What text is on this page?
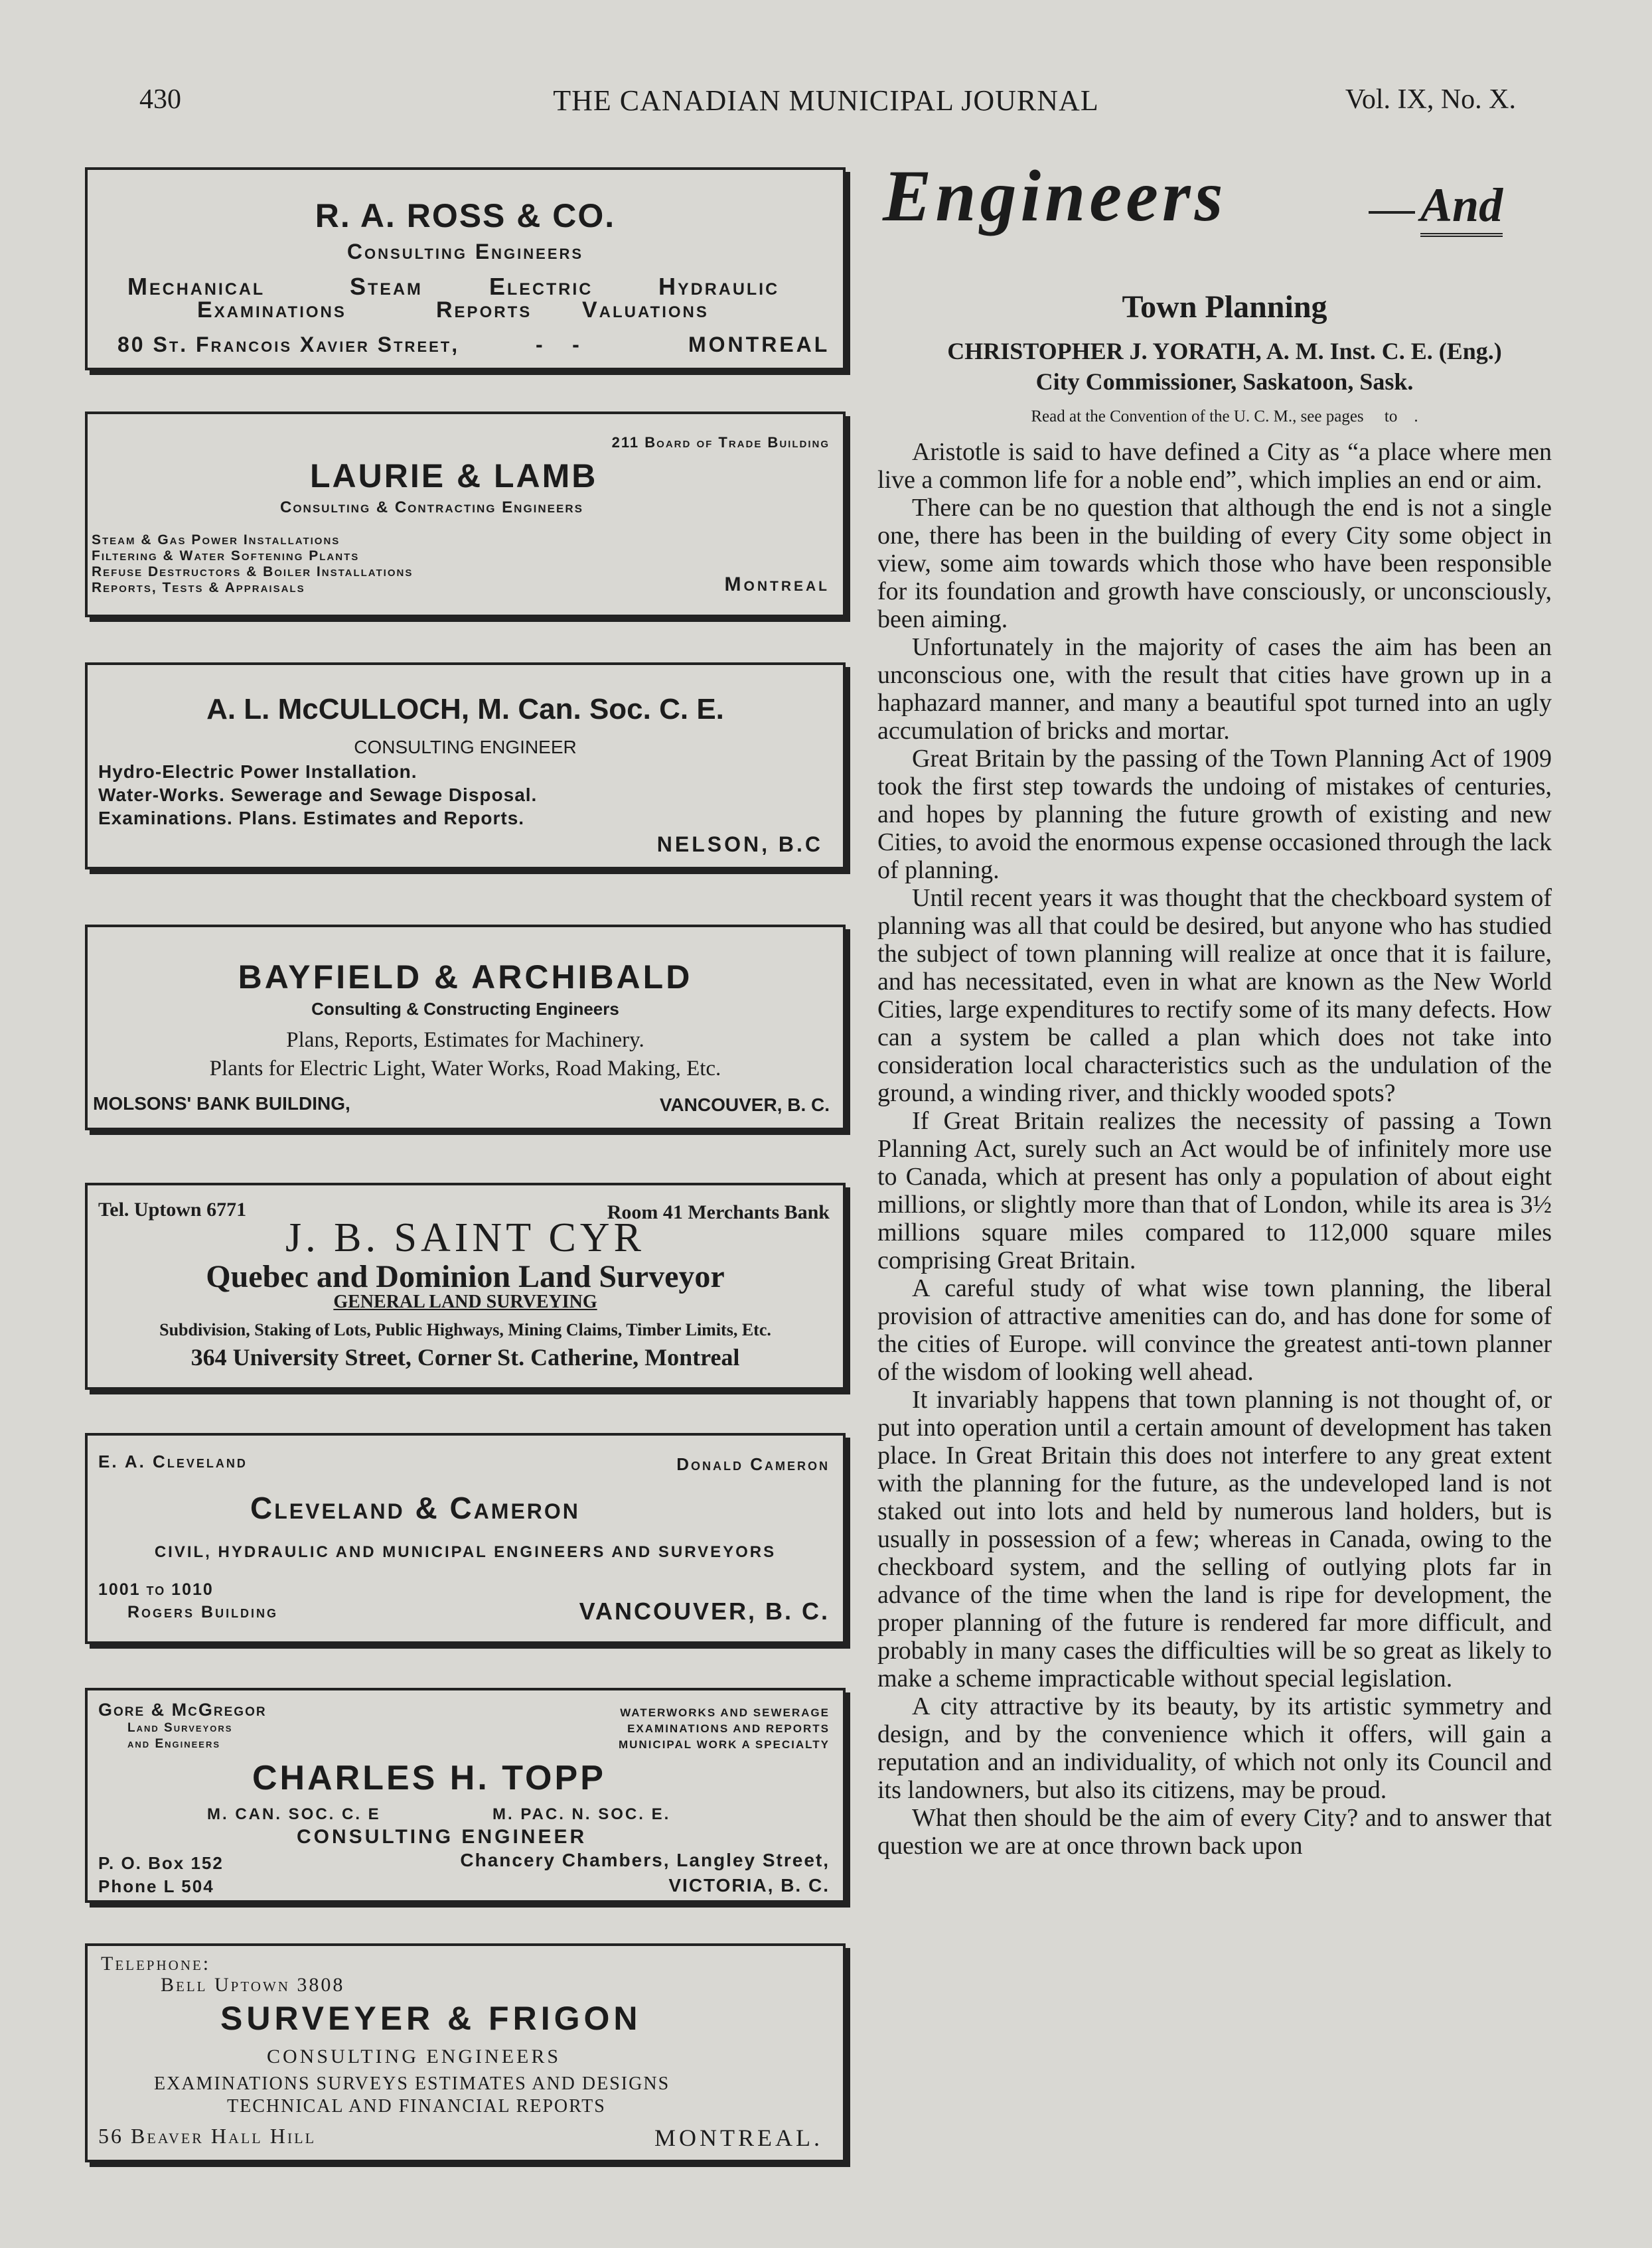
430	THE CANADIAN MUNICIPAL JOURNAL	Vol. IX, No. X.
R. A. ROSS & CO.
Consulting Engineers
Mechanical	Steam	Electric	Hydraulic
Examinations	Reports Valuations
80 St. Francois Xavier Street,	-     -	MONTREAL
211 Board of Trade Building
LAURIE & LAMB
Consulting & Contracting Engineers
Steam & Gas Power Installations
Filtering & Water Softening Plants
Refuse Destructors & Boiler Installations
Reports, Tests & Appraisals	Montreal
A. L. McCULLOCH, M. Can. Soc. C. E.
CONSULTING ENGINEER
Hydro-Electric Power Installation.
Water-Works. Sewerage and Sewage Disposal.
Examinations. Plans. Estimates and Reports.
NELSON, B.C
BAYFIELD & ARCHIBALD
Consulting & Constructing Engineers
Plans, Reports, Estimates for Machinery.
Plants for Electric Light, Water Works, Road Making, Etc.
MOLSONS' BANK BUILDING,	VANCOUVER, B. C.
Tel. Uptown 6771	Room 41 Merchants Bank
J. B. SAINT CYR
Quebec and Dominion Land Surveyor
GENERAL LAND SURVEYING
Subdivision, Staking of Lots, Public Highways, Mining Claims, Timber Limits, Etc.
364 University Street, Corner St. Catherine, Montreal
E. A. Cleveland	Donald Cameron
Cleveland & Cameron
CIVIL, HYDRAULIC AND MUNICIPAL ENGINEERS AND SURVEYORS
1001 to 1010
Rogers Building	VANCOUVER, B. C.
Gore & McGregor
Land Surveyors
and Engineers
WATERWORKS AND SEWERAGE
EXAMINATIONS AND REPORTS
MUNICIPAL WORK A SPECIALTY
CHARLES H. TOPP
M. CAN. SOC. C. E	M. PAC. N. SOC. E.
CONSULTING ENGINEER
P. O. Box 152
Phone L 504
Chancery Chambers, Langley Street,
VICTORIA, B. C.
Telephone:
Bell Uptown 3808
SURVEYER & FRIGON
CONSULTING ENGINEERS
EXAMINATIONS SURVEYS ESTIMATES AND DESIGNS
TECHNICAL AND FINANCIAL REPORTS
56 Beaver Hall Hill	MONTREAL.
Engineers	And
Town Planning
CHRISTOPHER J. YORATH, A. M. Inst. C. E. (Eng.)
City Commissioner, Saskatoon, Sask.
Read at the Convention of the U. C. M., see pages     to    .

Aristotle is said to have defined a City as “a place where men live a common life for a noble end”, which implies an end or aim.

There can be no question that although the end is not a single one, there has been in the building of every City some object in view, some aim towards which those who have been responsible for its foundation and growth have consciously, or unconsciously, been aiming.

Unfortunately in the majority of cases the aim has been an unconscious one, with the result that cities have grown up in a haphazard manner, and many a beautiful spot turned into an ugly accumulation of bricks and mortar.

Great Britain by the passing of the Town Planning Act of 1909 took the first step towards the undoing of mistakes of centuries, and hopes by planning the future growth of existing and new Cities, to avoid the enormous expense occasioned through the lack of planning.

Until recent years it was thought that the checkboard system of planning was all that could be desired, but anyone who has studied the subject of town planning will realize at once that it is failure, and has necessitated, even in what are known as the New World Cities, large expenditures to rectify some of its many defects. How can a system be called a plan which does not take into consideration local characteristics such as the undulation of the ground, a winding river, and thickly wooded spots?

If Great Britain realizes the necessity of passing a Town Planning Act, surely such an Act would be of infinitely more use to Canada, which at present has only a population of about eight millions, or slightly more than that of London, while its area is 3½ millions square miles compared to 112,000 square miles comprising Great Britain.

A careful study of what wise town planning, the liberal provision of attractive amenities can do, and has done for some of the cities of Europe. will convince the greatest anti-town planner of the wisdom of looking well ahead.

It invariably happens that town planning is not thought of, or put into operation until a certain amount of development has taken place. In Great Britain this does not interfere to any great extent with the planning for the future, as the undeveloped land is not staked out into lots and held by numerous land holders, but is usually in possession of a few; whereas in Canada, owing to the checkboard system, and the selling of outlying plots far in advance of the time when the land is ripe for development, the proper planning of the future is rendered far more difficult, and probably in many cases the difficulties will be so great as likely to make a scheme impracticable without special legislation.

A city attractive by its beauty, by its artistic symmetry and design, and by the convenience which it offers, will gain a reputation and an individuality, of which not only its Council and its landowners, but also its citizens, may be proud.

What then should be the aim of every City? and to answer that question we are at once thrown back upon
